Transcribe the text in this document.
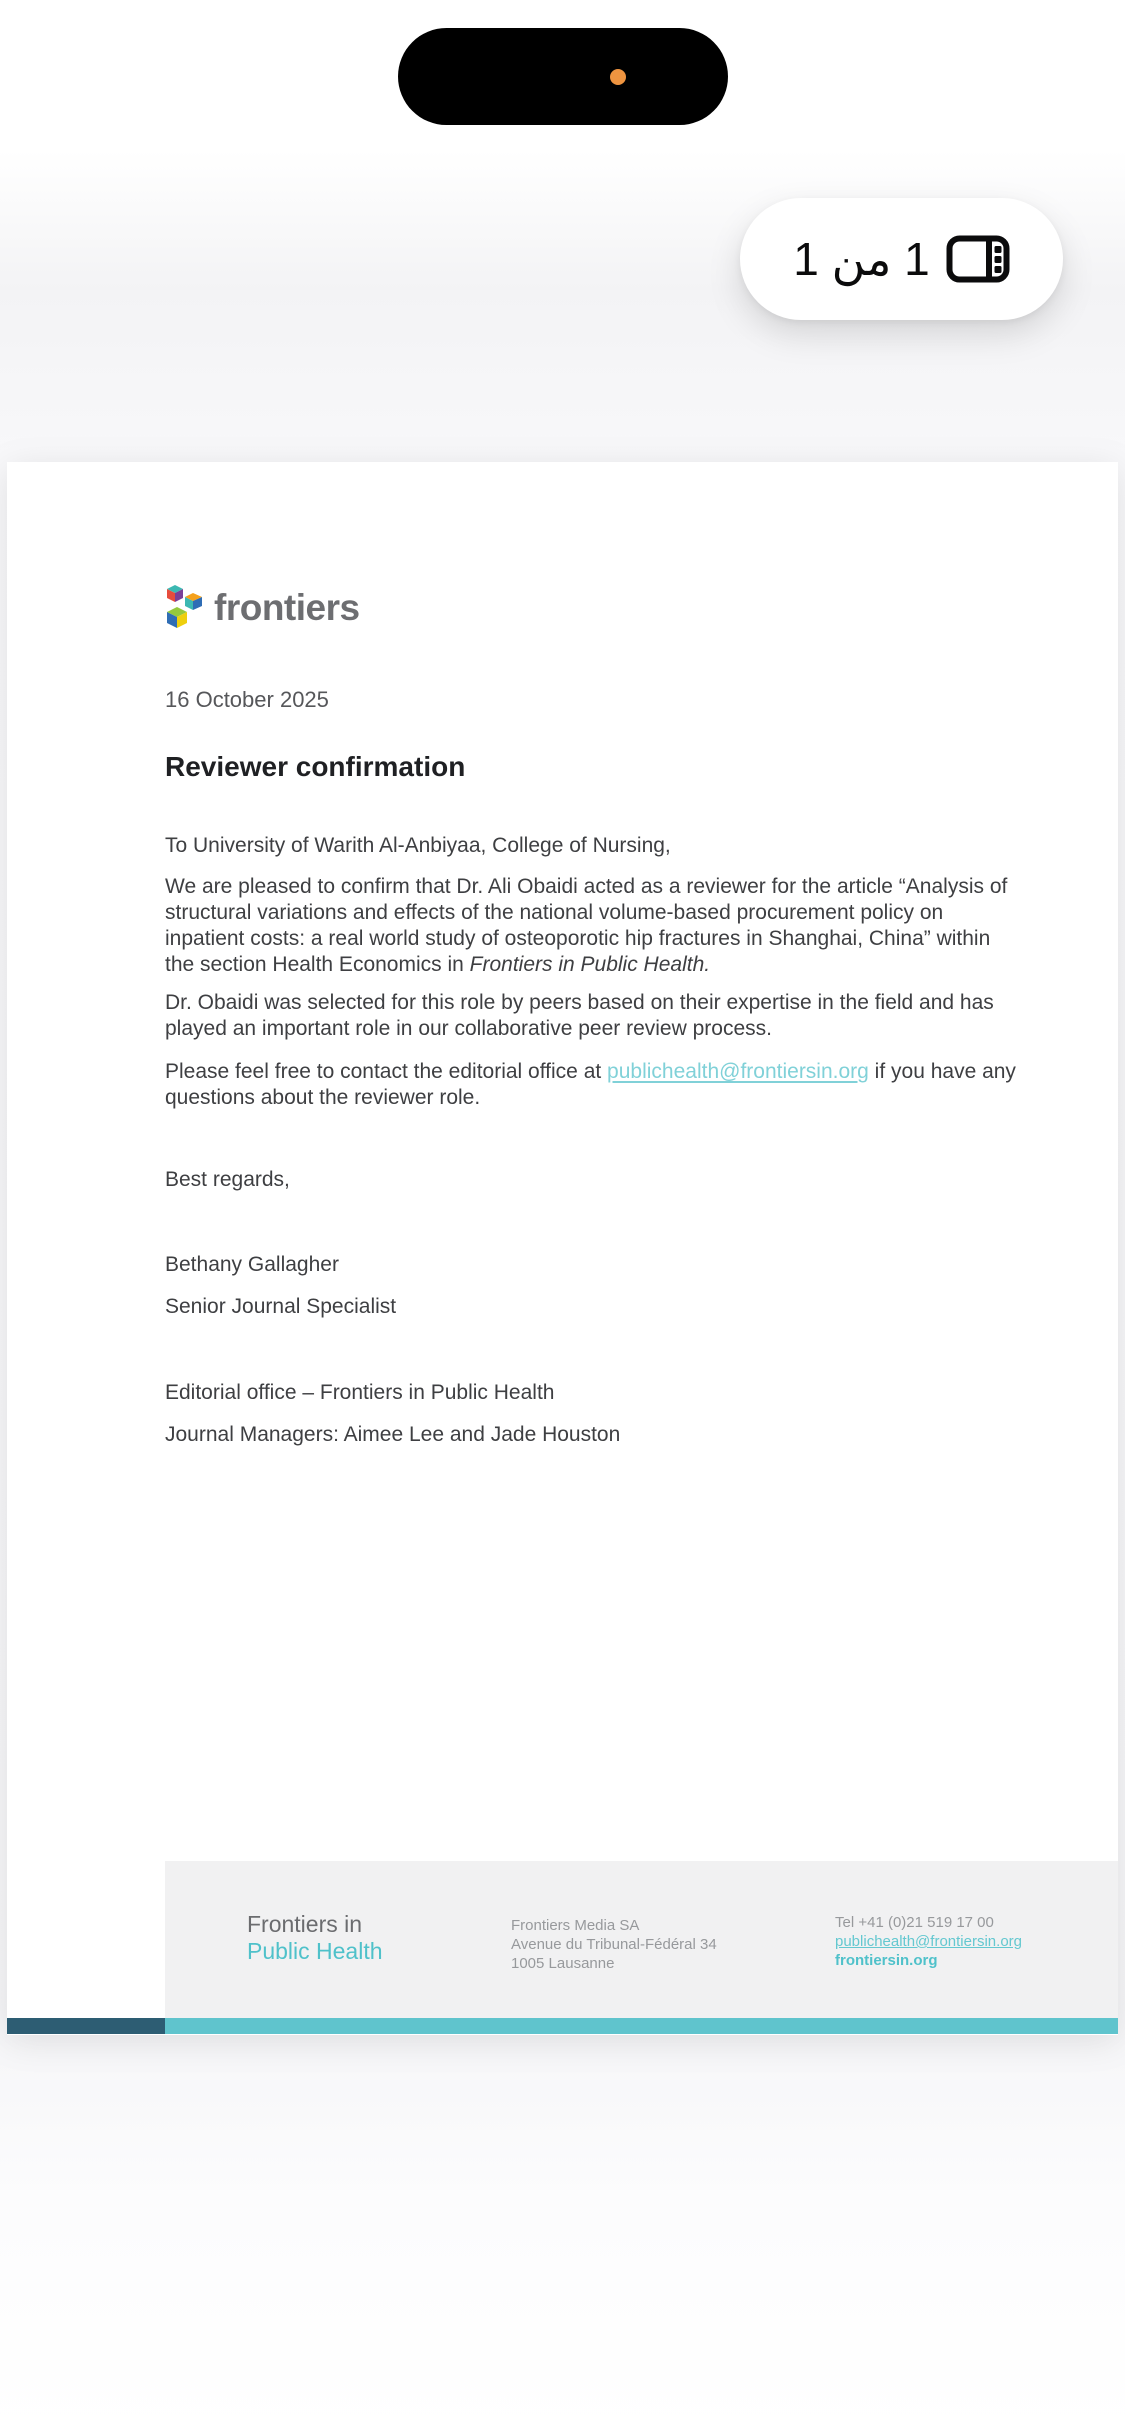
1 من 1
frontiers

16 October 2025

Reviewer confirmation

To University of Warith Al-Anbiyaa, College of Nursing,

We are pleased to confirm that Dr. Ali Obaidi acted as a reviewer for the article “Analysis of structural variations and effects of the national volume-based procurement policy on inpatient costs: a real world study of osteoporotic hip fractures in Shanghai, China” within the section Health Economics in Frontiers in Public Health.

Dr. Obaidi was selected for this role by peers based on their expertise in the field and has played an important role in our collaborative peer review process.

Please feel free to contact the editorial office at publichealth@frontiersin.org if you have any questions about the reviewer role.

Best regards,

Bethany Gallagher

Senior Journal Specialist

Editorial office – Frontiers in Public Health

Journal Managers: Aimee Lee and Jade Houston

Frontiers in
Public Health
Frontiers Media SA
Avenue du Tribunal-Fédéral 34
1005 Lausanne
Tel +41 (0)21 519 17 00
publichealth@frontiersin.org
frontiersin.org
